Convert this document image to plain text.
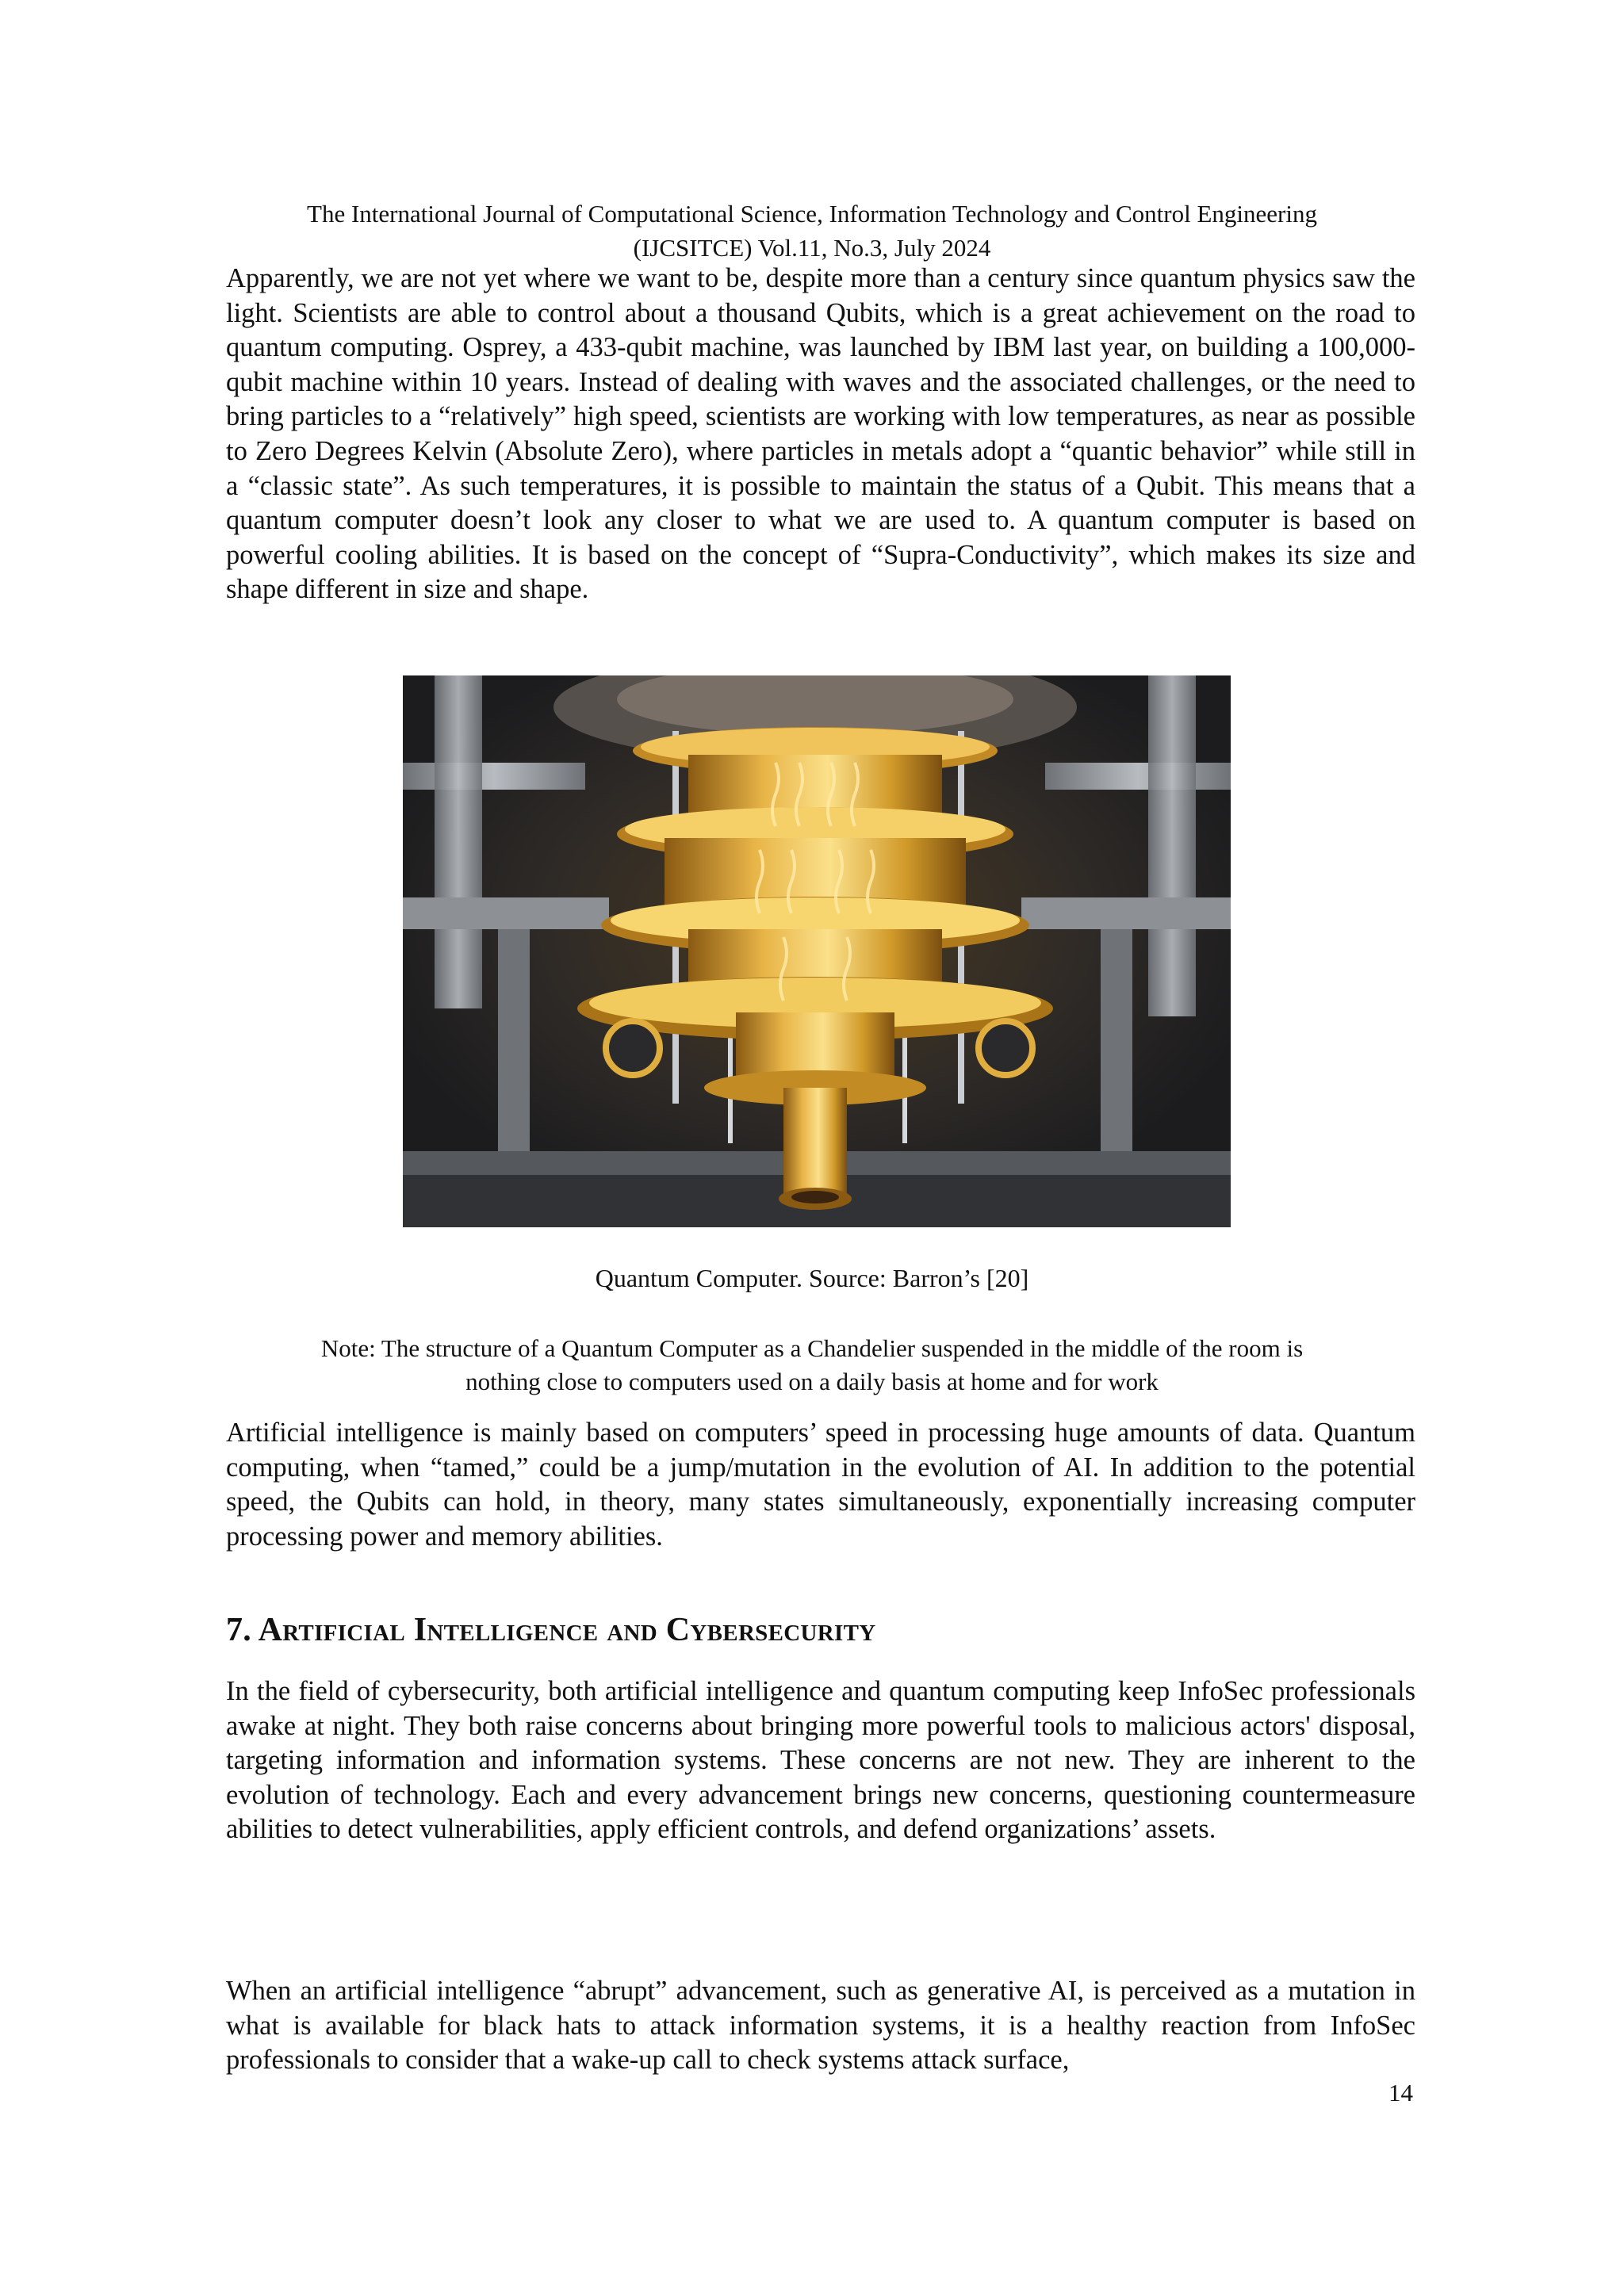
The International Journal of Computational Science, Information Technology and Control Engineering
(IJCSITCE) Vol.11, No.3, July 2024

Apparently, we are not yet where we want to be, despite more than a century since quantum physics saw the light. Scientists are able to control about a thousand Qubits, which is a great achievement on the road to quantum computing. Osprey, a 433-qubit machine, was launched by IBM last year, on building a 100,000-qubit machine within 10 years. Instead of dealing with waves and the associated challenges, or the need to bring particles to a “relatively” high speed, scientists are working with low temperatures, as near as possible to Zero Degrees Kelvin (Absolute Zero), where particles in metals adopt a “quantic behavior” while still in a “classic state”. As such temperatures, it is possible to maintain the status of a Qubit. This means that a quantum computer doesn’t look any closer to what we are used to. A quantum computer is based on powerful cooling abilities. It is based on the concept of “Supra-Conductivity”, which makes its size and shape different in size and shape.

Quantum Computer. Source: Barron’s [20]
Note: The structure of a Quantum Computer as a Chandelier suspended in the middle of the room is
nothing close to computers used on a daily basis at home and for work

Artificial intelligence is mainly based on computers’ speed in processing huge amounts of data. Quantum computing, when “tamed,” could be a jump/mutation in the evolution of AI. In addition to the potential speed, the Qubits can hold, in theory, many states simultaneously, exponentially increasing computer processing power and memory abilities.

7. Artificial Intelligence and Cybersecurity

In the field of cybersecurity, both artificial intelligence and quantum computing keep InfoSec professionals awake at night. They both raise concerns about bringing more powerful tools to malicious actors' disposal, targeting information and information systems. These concerns are not new. They are inherent to the evolution of technology. Each and every advancement brings new concerns, questioning countermeasure abilities to detect vulnerabilities, apply efficient controls, and defend organizations’ assets.

When an artificial intelligence “abrupt” advancement, such as generative AI, is perceived as a mutation in what is available for black hats to attack information systems, it is a healthy reaction from InfoSec professionals to consider that a wake-up call to check systems attack surface,

14
